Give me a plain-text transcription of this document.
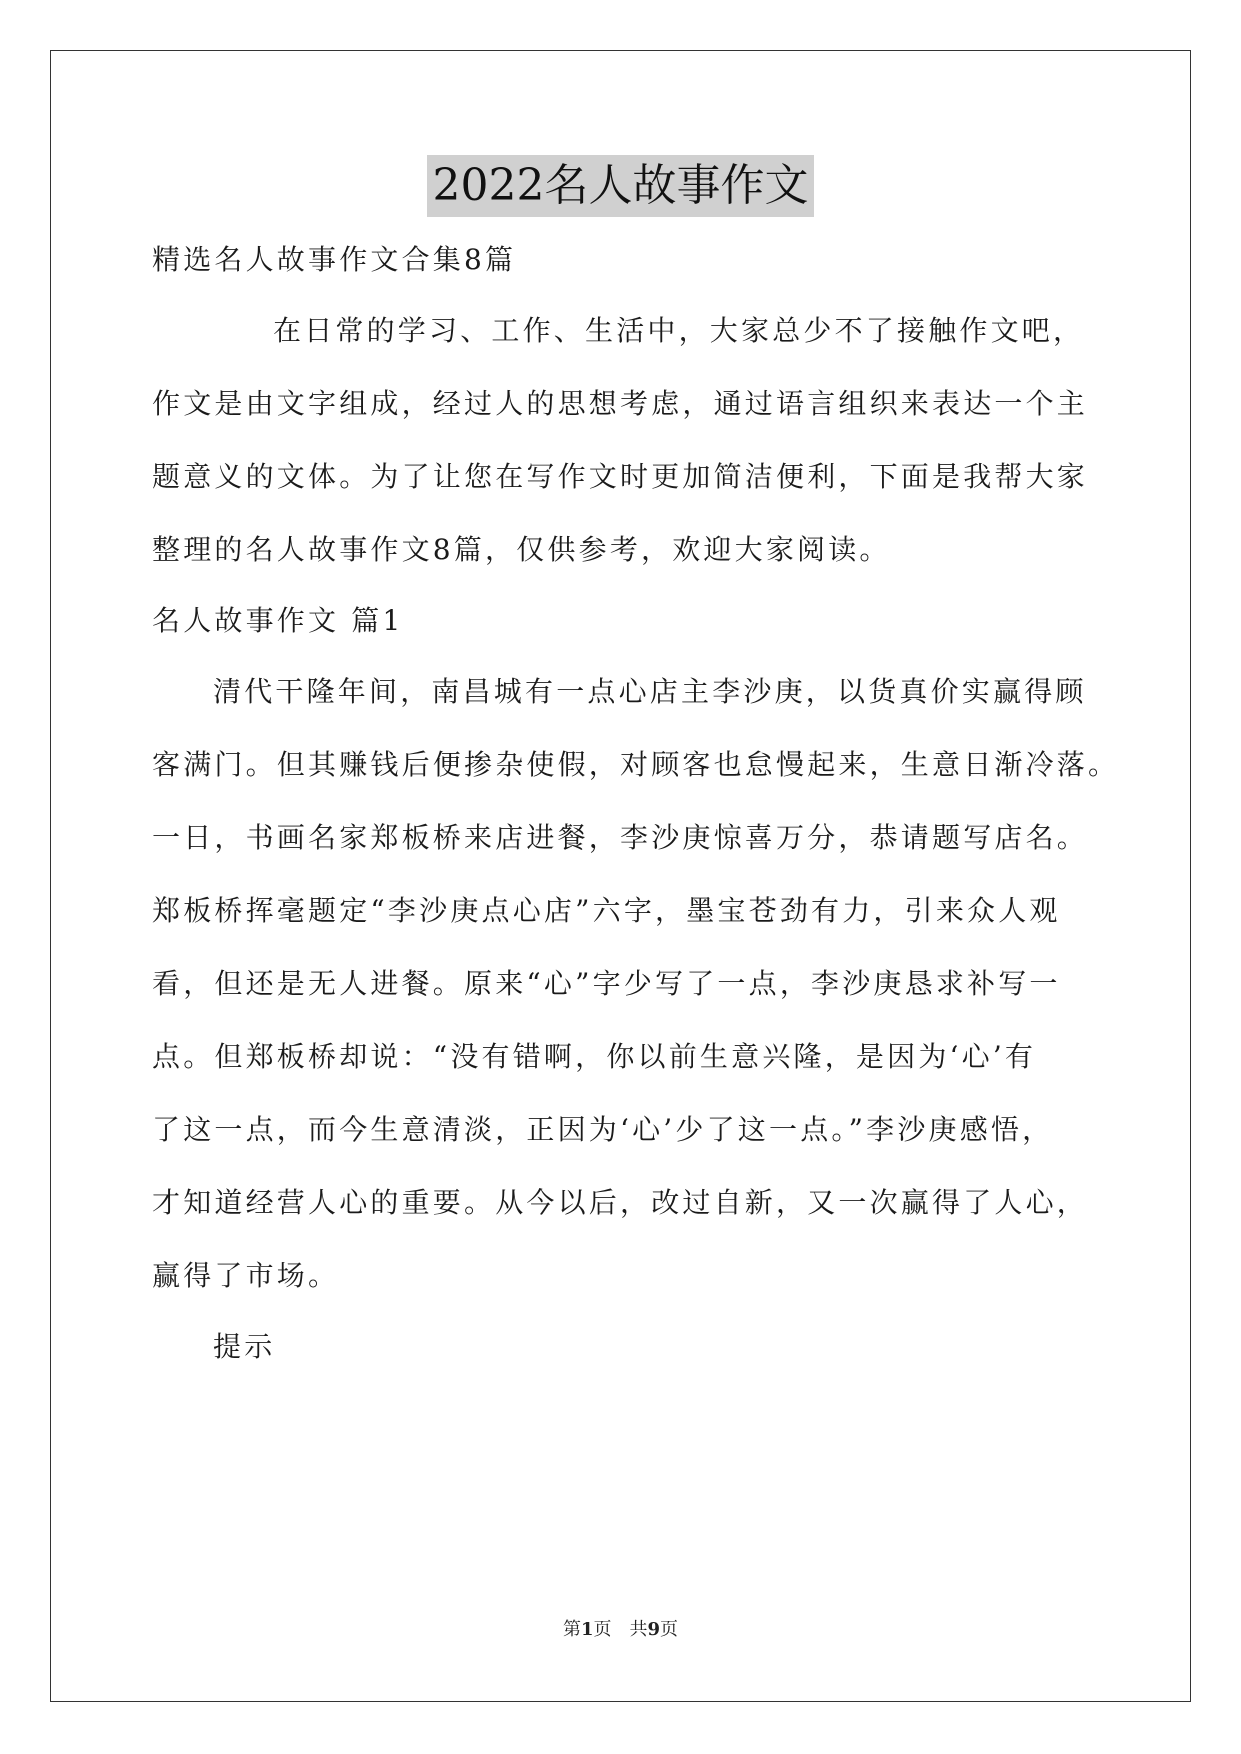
2022名人故事作文
精选名人故事作文合集8篇
在日常的学习、工作、生活中，大家总少不了接触作文吧，
作文是由文字组成，经过人的思想考虑，通过语言组织来表达一个主
题意义的文体。为了让您在写作文时更加简洁便利，下面是我帮大家
整理的名人故事作文8篇，仅供参考，欢迎大家阅读。
名人故事作文 篇1
清代干隆年间，南昌城有一点心店主李沙庚，以货真价实赢得顾
客满门。但其赚钱后便掺杂使假，对顾客也怠慢起来，生意日渐冷落。
一日，书画名家郑板桥来店进餐，李沙庚惊喜万分，恭请题写店名。
郑板桥挥毫题定“李沙庚点心店”六字，墨宝苍劲有力，引来众人观
看，但还是无人进餐。原来“心”字少写了一点，李沙庚恳求补写一
点。但郑板桥却说：“没有错啊，你以前生意兴隆，是因为‘心’有
了这一点，而今生意清淡，正因为‘心’少了这一点。”李沙庚感悟，
才知道经营人心的重要。从今以后，改过自新，又一次赢得了人心，
赢得了市场。
提示
第1页 共9页
